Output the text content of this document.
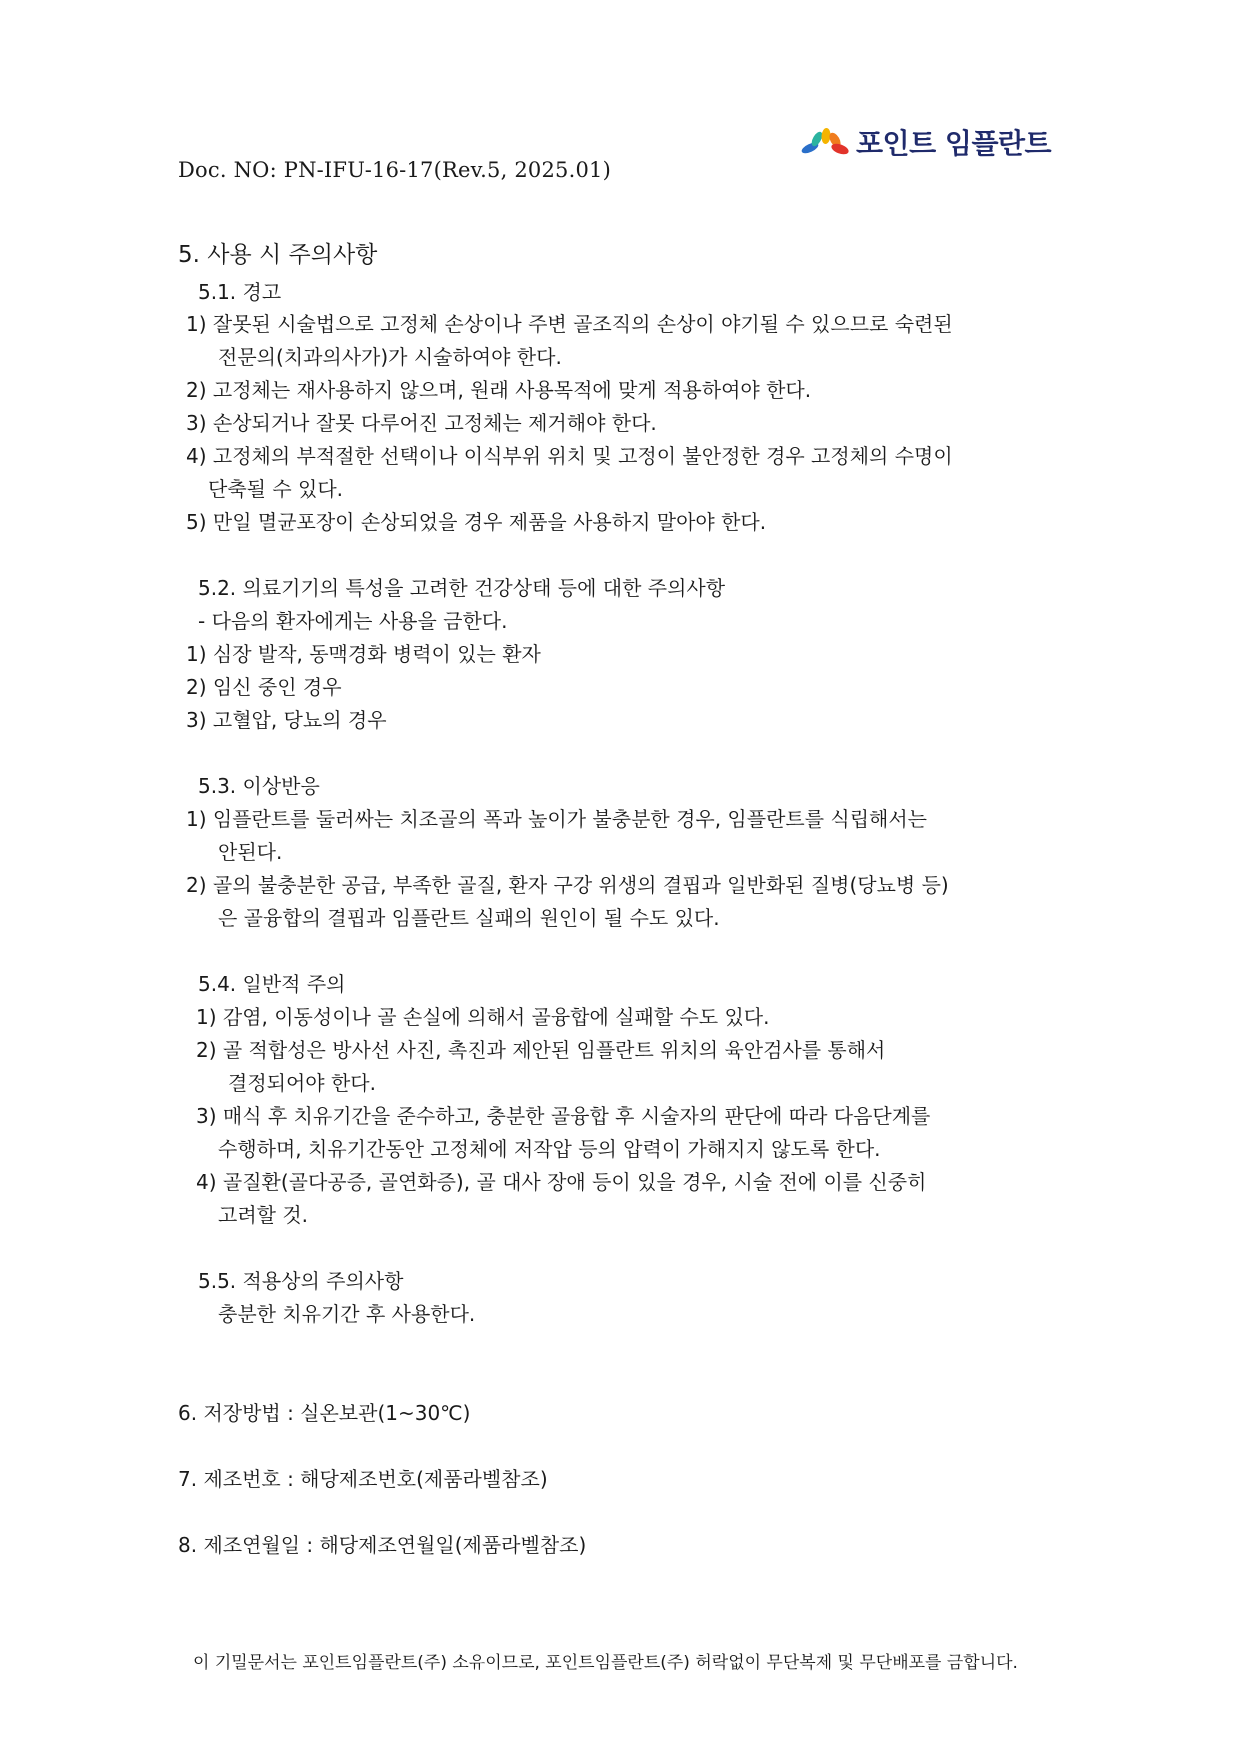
Doc. NO: PN-IFU-16-17(Rev.5, 2025.01)
포인트 임플란트
5. 사용 시 주의사항
5.1. 경고
1) 잘못된 시술법으로 고정체 손상이나 주변 골조직의 손상이 야기될 수 있으므로 숙련된
전문의(치과의사가)가 시술하여야 한다.
2) 고정체는 재사용하지 않으며, 원래 사용목적에 맞게 적용하여야 한다.
3) 손상되거나 잘못 다루어진 고정체는 제거해야 한다.
4) 고정체의 부적절한 선택이나 이식부위 위치 및 고정이 불안정한 경우 고정체의 수명이
단축될 수 있다.
5) 만일 멸균포장이 손상되었을 경우 제품을 사용하지 말아야 한다.
5.2. 의료기기의 특성을 고려한 건강상태 등에 대한 주의사항
- 다음의 환자에게는 사용을 금한다.
1) 심장 발작, 동맥경화 병력이 있는 환자
2) 임신 중인 경우
3) 고혈압, 당뇨의 경우
5.3. 이상반응
1) 임플란트를 둘러싸는 치조골의 폭과 높이가 불충분한 경우, 임플란트를 식립해서는
안된다.
2) 골의 불충분한 공급, 부족한 골질, 환자 구강 위생의 결핍과 일반화된 질병(당뇨병 등)
은 골융합의 결핍과 임플란트 실패의 원인이 될 수도 있다.
5.4. 일반적 주의
1) 감염, 이동성이나 골 손실에 의해서 골융합에 실패할 수도 있다.
2) 골 적합성은 방사선 사진, 촉진과 제안된 임플란트 위치의 육안검사를 통해서
결정되어야 한다.
3) 매식 후 치유기간을 준수하고, 충분한 골융합 후 시술자의 판단에 따라 다음단계를
수행하며, 치유기간동안 고정체에 저작압 등의 압력이 가해지지 않도록 한다.
4) 골질환(골다공증, 골연화증), 골 대사 장애 등이 있을 경우, 시술 전에 이를 신중히
고려할 것.
5.5. 적용상의 주의사항
충분한 치유기간 후 사용한다.
6. 저장방법 : 실온보관(1~30℃)
7. 제조번호 : 해당제조번호(제품라벨참조)
8. 제조연월일 : 해당제조연월일(제품라벨참조)
이 기밀문서는 포인트임플란트(주) 소유이므로, 포인트임플란트(주) 허락없이 무단복제 및 무단배포를 금합니다.
